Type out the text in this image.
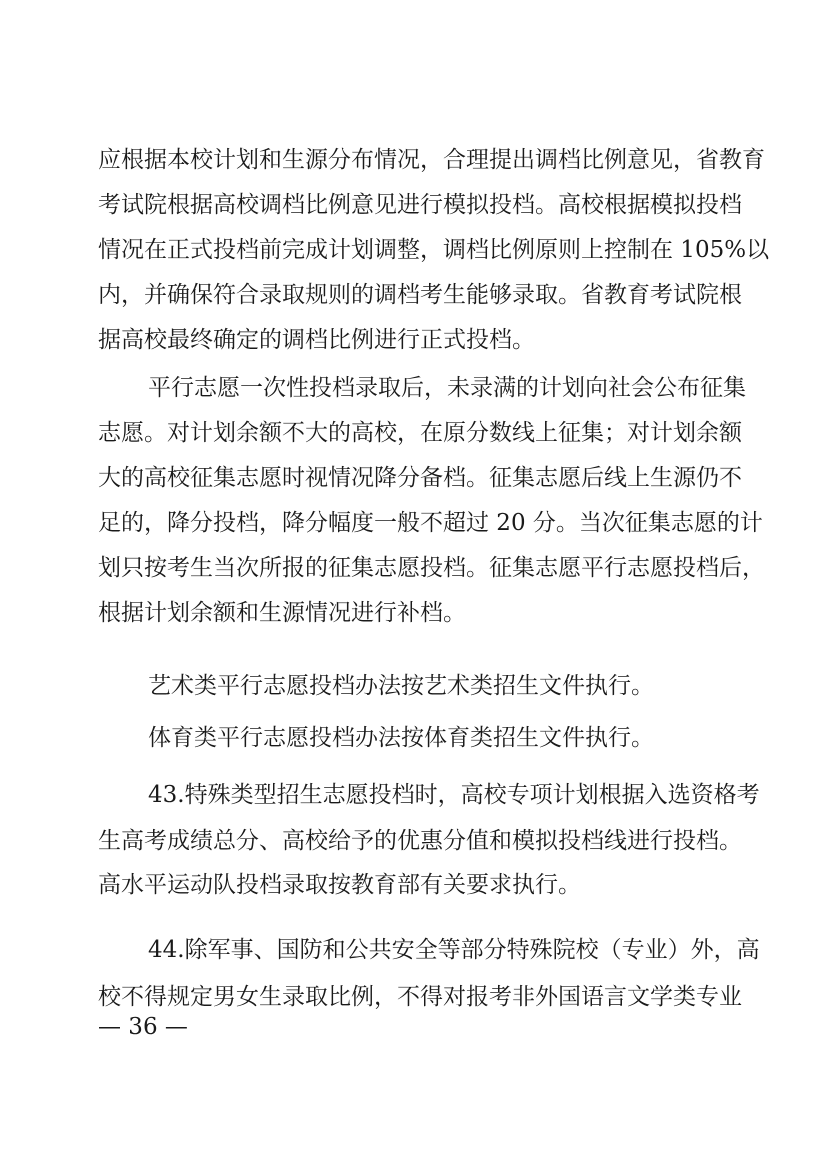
应根据本校计划和生源分布情况，合理提出调档比例意见，省教育
考试院根据高校调档比例意见进行模拟投档。高校根据模拟投档
情况在正式投档前完成计划调整，调档比例原则上控制在 105%以
内，并确保符合录取规则的调档考生能够录取。省教育考试院根
据高校最终确定的调档比例进行正式投档。
平行志愿一次性投档录取后，未录满的计划向社会公布征集
志愿。对计划余额不大的高校，在原分数线上征集；对计划余额
大的高校征集志愿时视情况降分备档。征集志愿后线上生源仍不
足的，降分投档，降分幅度一般不超过 20 分。当次征集志愿的计
划只按考生当次所报的征集志愿投档。征集志愿平行志愿投档后，
根据计划余额和生源情况进行补档。
艺术类平行志愿投档办法按艺术类招生文件执行。
体育类平行志愿投档办法按体育类招生文件执行。
43.特殊类型招生志愿投档时，高校专项计划根据入选资格考
生高考成绩总分、高校给予的优惠分值和模拟投档线进行投档。
高水平运动队投档录取按教育部有关要求执行。
44.除军事、国防和公共安全等部分特殊院校（专业）外，高
校不得规定男女生录取比例，不得对报考非外国语言文学类专业
— 36 —
